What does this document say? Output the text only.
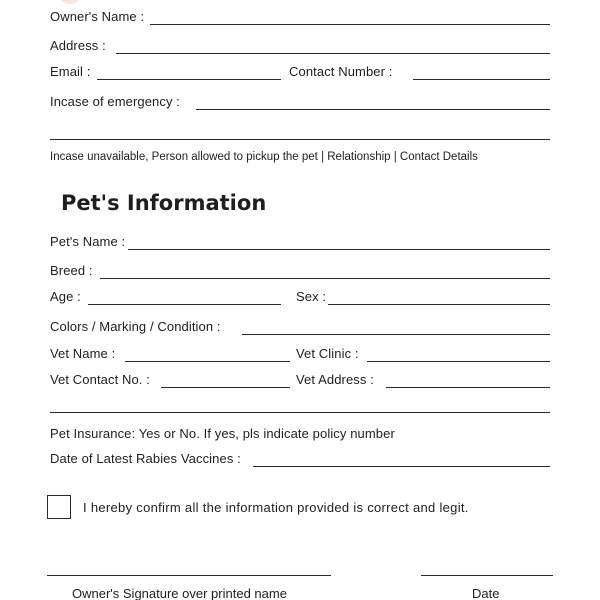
Owner's Name :
Address :
Email :	Contact Number :
Incase of emergency :
Incase unavailable, Person allowed to pickup the pet | Relationship | Contact Details
Pet's Information
Pet's Name :
Breed :
Age :	Sex :
Colors / Marking / Condition :
Vet Name :	Vet Clinic :
Vet Contact No. :	Vet Address :
Pet Insurance: Yes or No. If yes, pls indicate policy number
Date of Latest Rabies Vaccines :
I hereby confirm all the information provided is correct and legit.
Owner's Signature over printed name	Date
